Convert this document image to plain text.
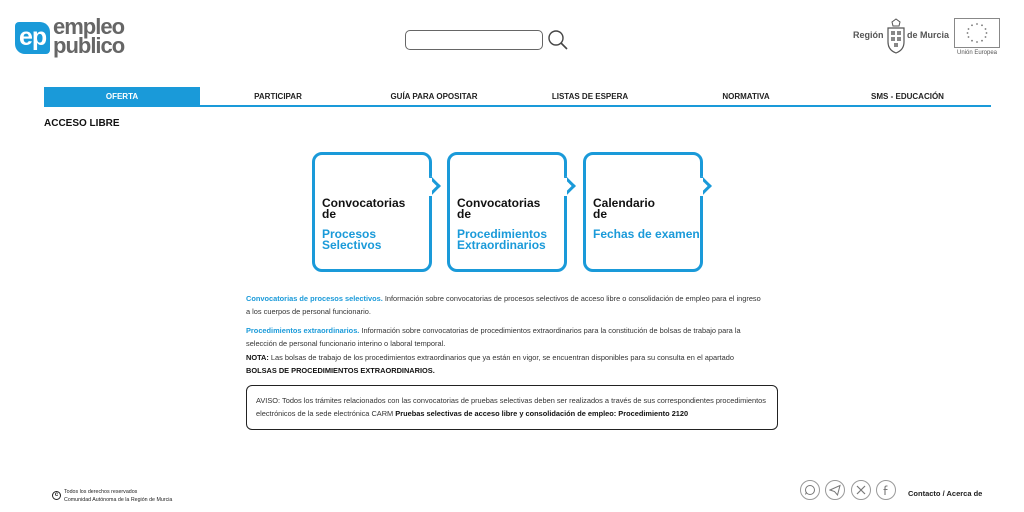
ep empleo
publico	Región	de Murcia
Unión Europea
OFERTA	PARTICIPAR	GUÍA PARA OPOSITAR	LISTAS DE ESPERA	NORMATIVA	SMS - EDUCACIÓN
ACCESO LIBRE
Convocatorias
de
Procesos
Selectivos
Convocatorias
de
Procedimientos
Extraordinarios
Calendario
de
Fechas de examen
Convocatorias de procesos selectivos. Información sobre convocatorias de procesos selectivos de acceso libre o consolidación de empleo para el ingreso a los cuerpos de personal funcionario.
Procedimientos extraordinarios. Información sobre convocatorias de procedimientos extraordinarios para la constitución de bolsas de trabajo para la selección de personal funcionario interino o laboral temporal.
NOTA: Las bolsas de trabajo de los procedimientos extraordinarios que ya están en vigor, se encuentran disponibles para su consulta en el apartado BOLSAS DE PROCEDIMIENTOS EXTRAORDINARIOS.
AVISO: Todos los trámites relacionados con las convocatorias de pruebas selectivas deben ser realizados a través de sus correspondientes procedimientos electrónicos de la sede electrónica CARM Pruebas selectivas de acceso libre y consolidación de empleo: Procedimiento 2120
c	Todos los derechos reservados
Comunidad Autónoma de la Región de Murcia
Contacto / Acerca de
